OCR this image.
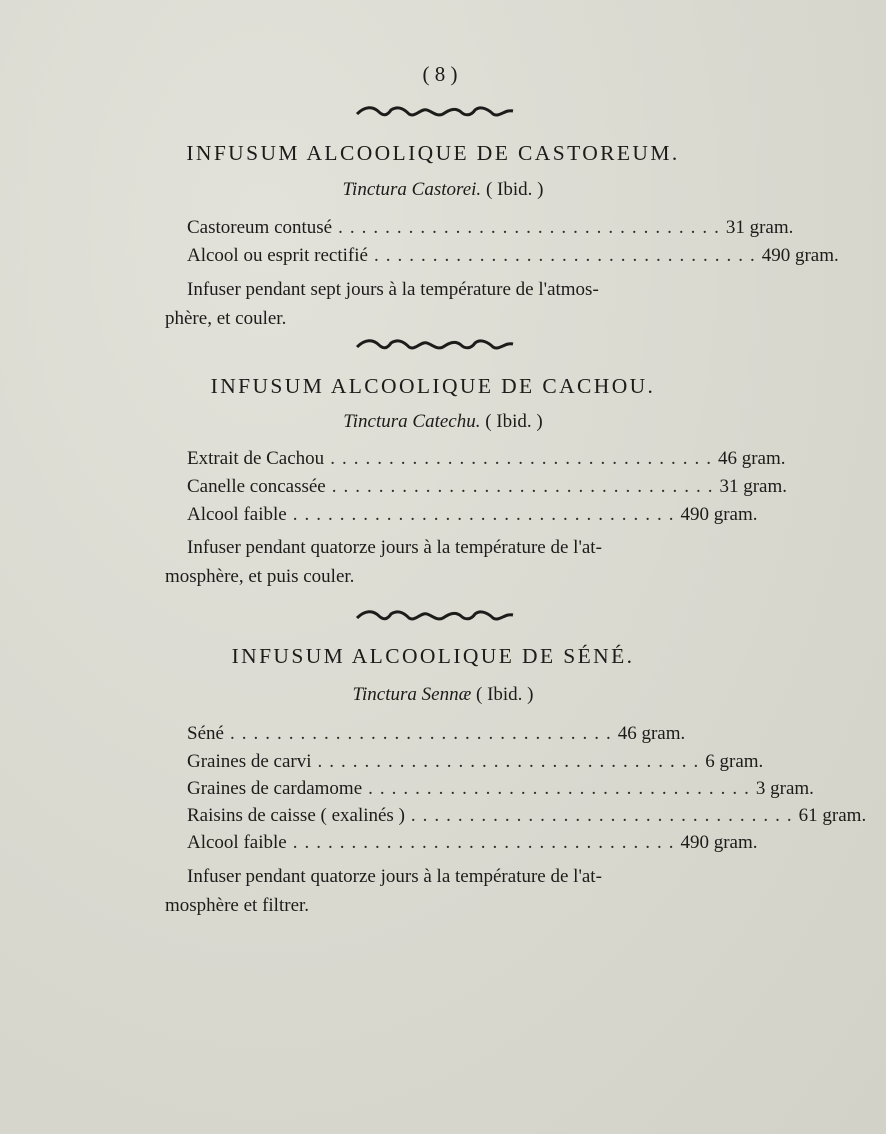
( 8 )
INFUSUM ALCOOLIQUE DE CASTOREUM.
Tinctura Castorei. ( Ibid. )
Castoreum contusé ................................. 31 gram.
Alcool ou esprit rectifié ................................. 490 gram.
Infuser pendant sept jours à la température de l'atmos-
phère, et couler.
INFUSUM ALCOOLIQUE DE CACHOU.
Tinctura Catechu. ( Ibid. )
Extrait de Cachou ................................. 46 gram.
Canelle concassée ................................. 31 gram.
Alcool faible ................................. 490 gram.
Infuser pendant quatorze jours à la température de l'at-
mosphère, et puis couler.
INFUSUM ALCOOLIQUE DE SÉNÉ.
Tinctura Sennæ ( Ibid. )
Séné ................................. 46 gram.
Graines de carvi ................................. 6 gram.
Graines de cardamome ................................. 3 gram.
Raisins de caisse ( exalinés ) ................................. 61 gram.
Alcool faible ................................. 490 gram.
Infuser pendant quatorze jours à la température de l'at-
mosphère et filtrer.
